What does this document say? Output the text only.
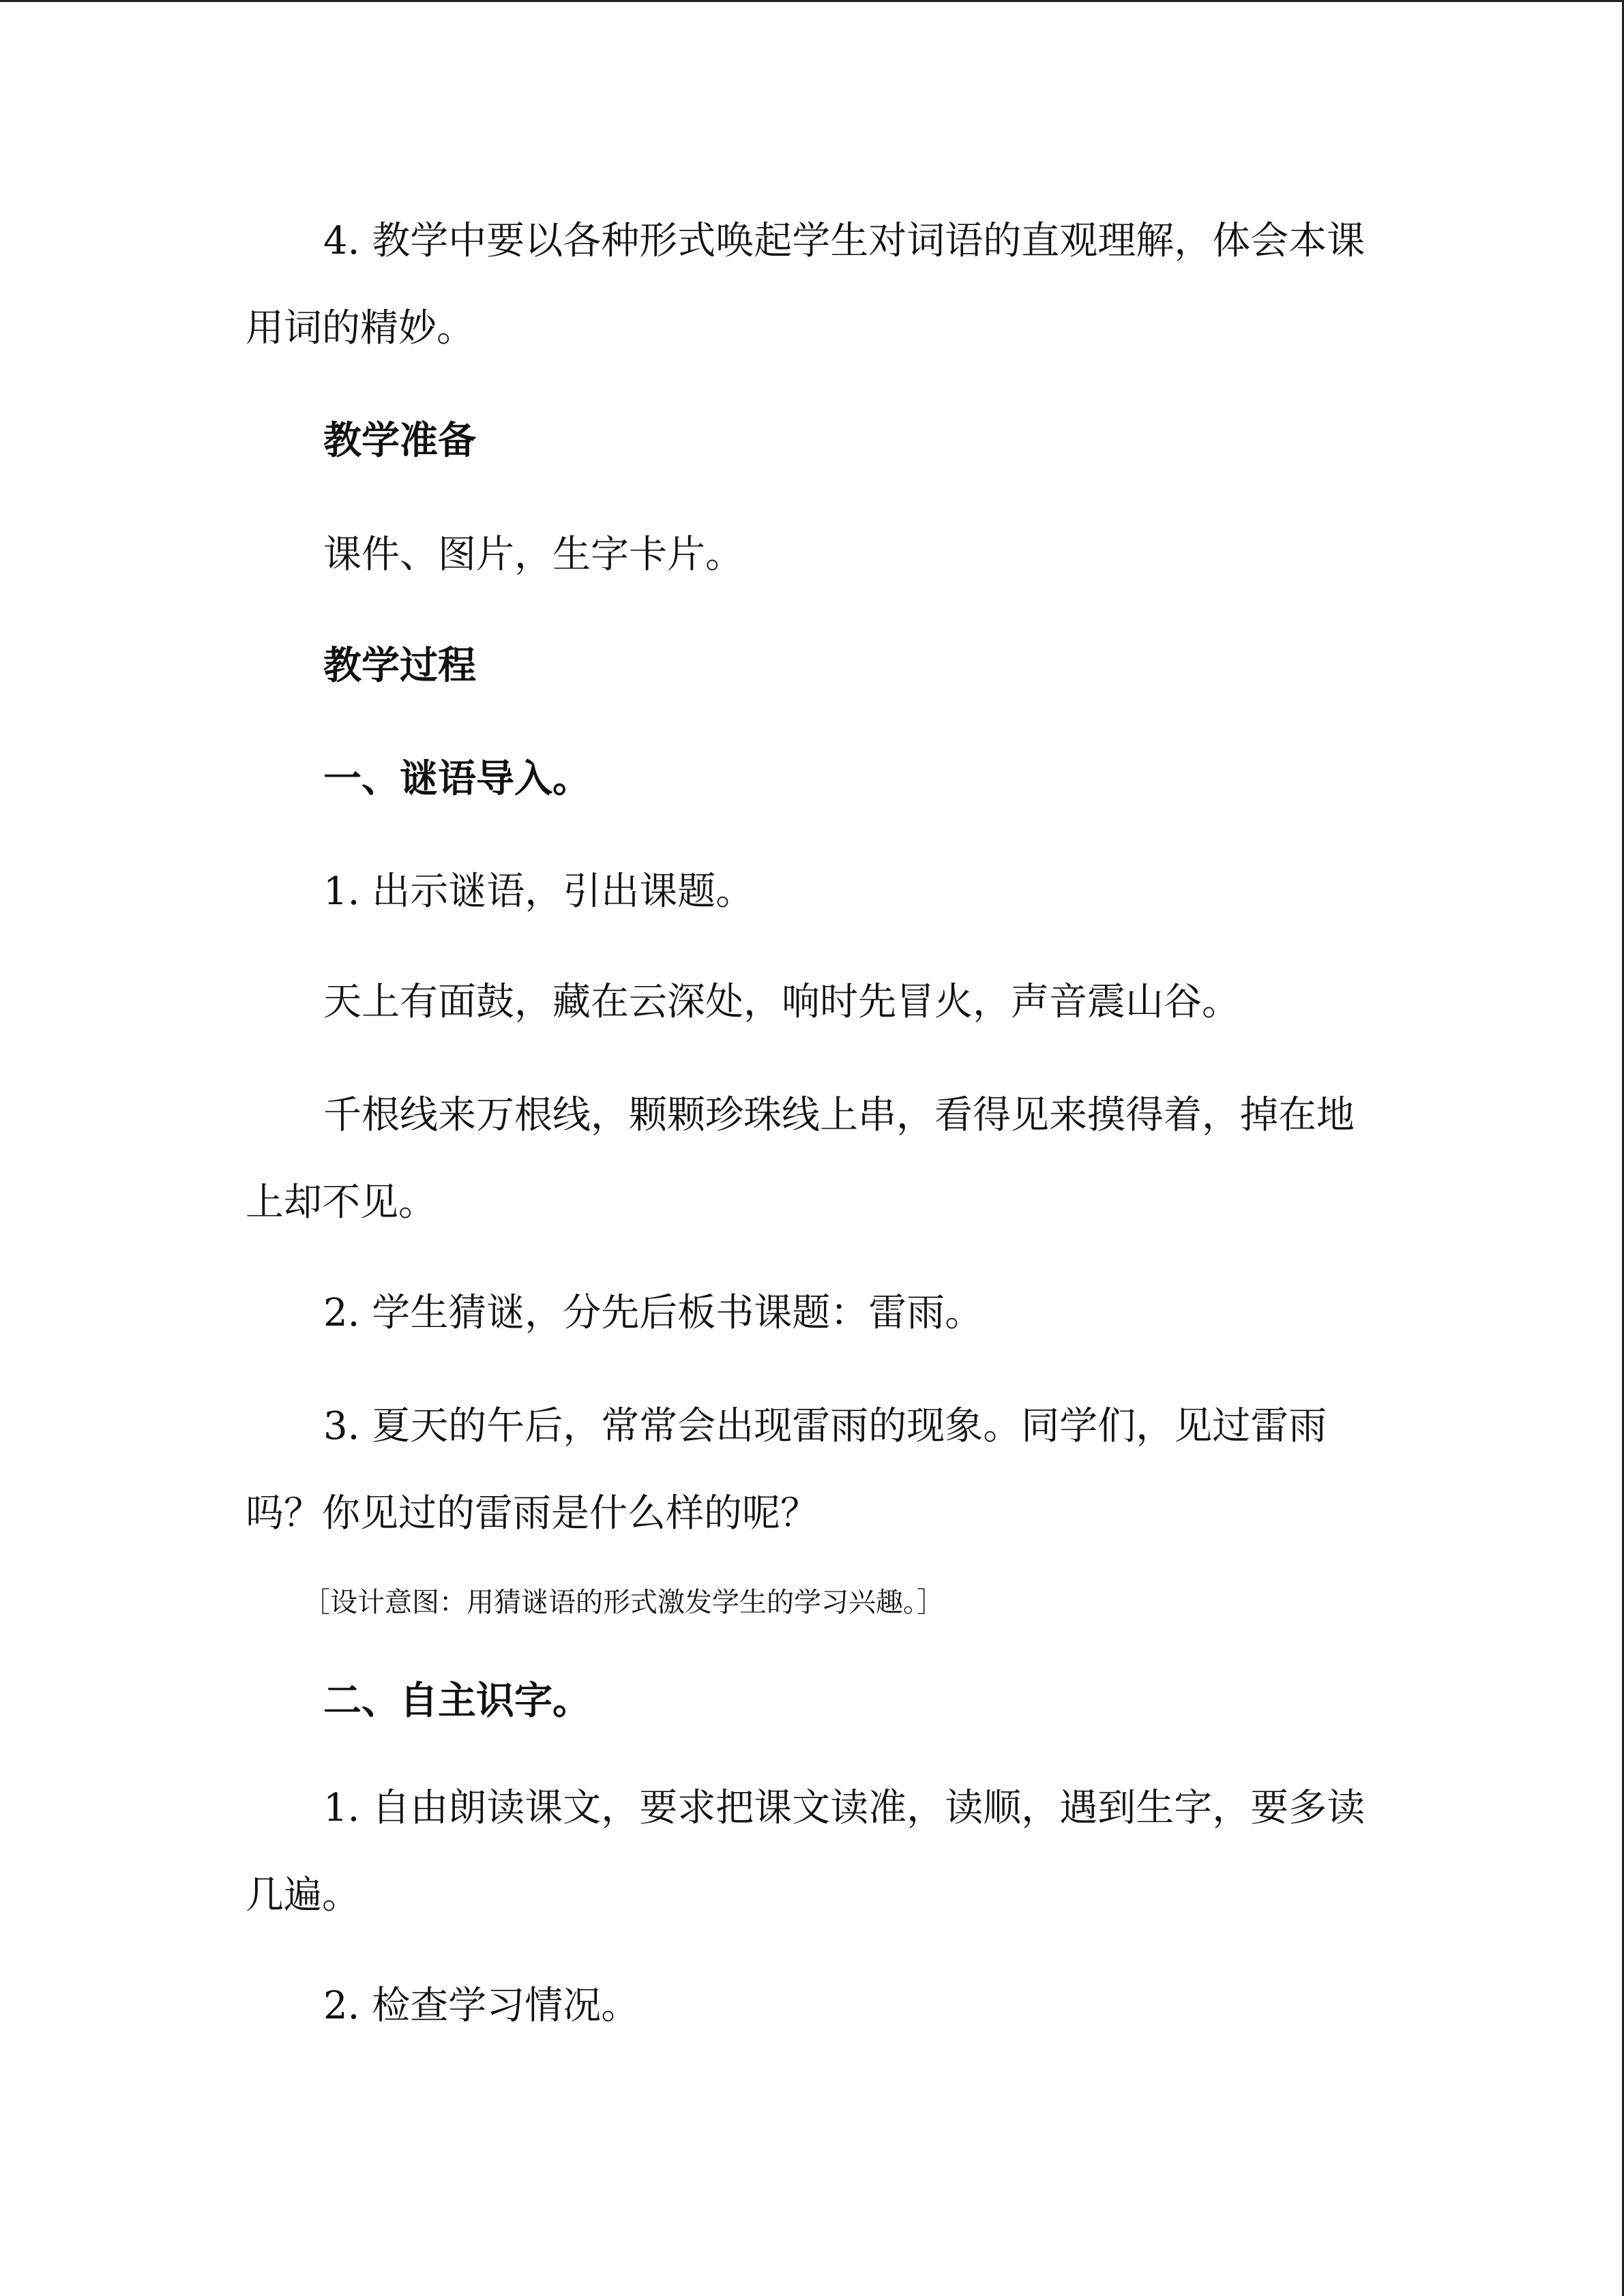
4. 教学中要以各种形式唤起学生对词语的直观理解，体会本课
用词的精妙。
教学准备
课件、图片，生字卡片。
教学过程
一、谜语导入。
1. 出示谜语，引出课题。
天上有面鼓，藏在云深处，响时先冒火，声音震山谷。
千根线来万根线，颗颗珍珠线上串，看得见来摸得着，掉在地
上却不见。
2. 学生猜谜，分先后板书课题：雷雨。
3. 夏天的午后，常常会出现雷雨的现象。同学们，见过雷雨
吗？你见过的雷雨是什么样的呢？
［设计意图：用猜谜语的形式激发学生的学习兴趣。］
二、自主识字。
1. 自由朗读课文，要求把课文读准，读顺，遇到生字，要多读
几遍。
2. 检查学习情况。
